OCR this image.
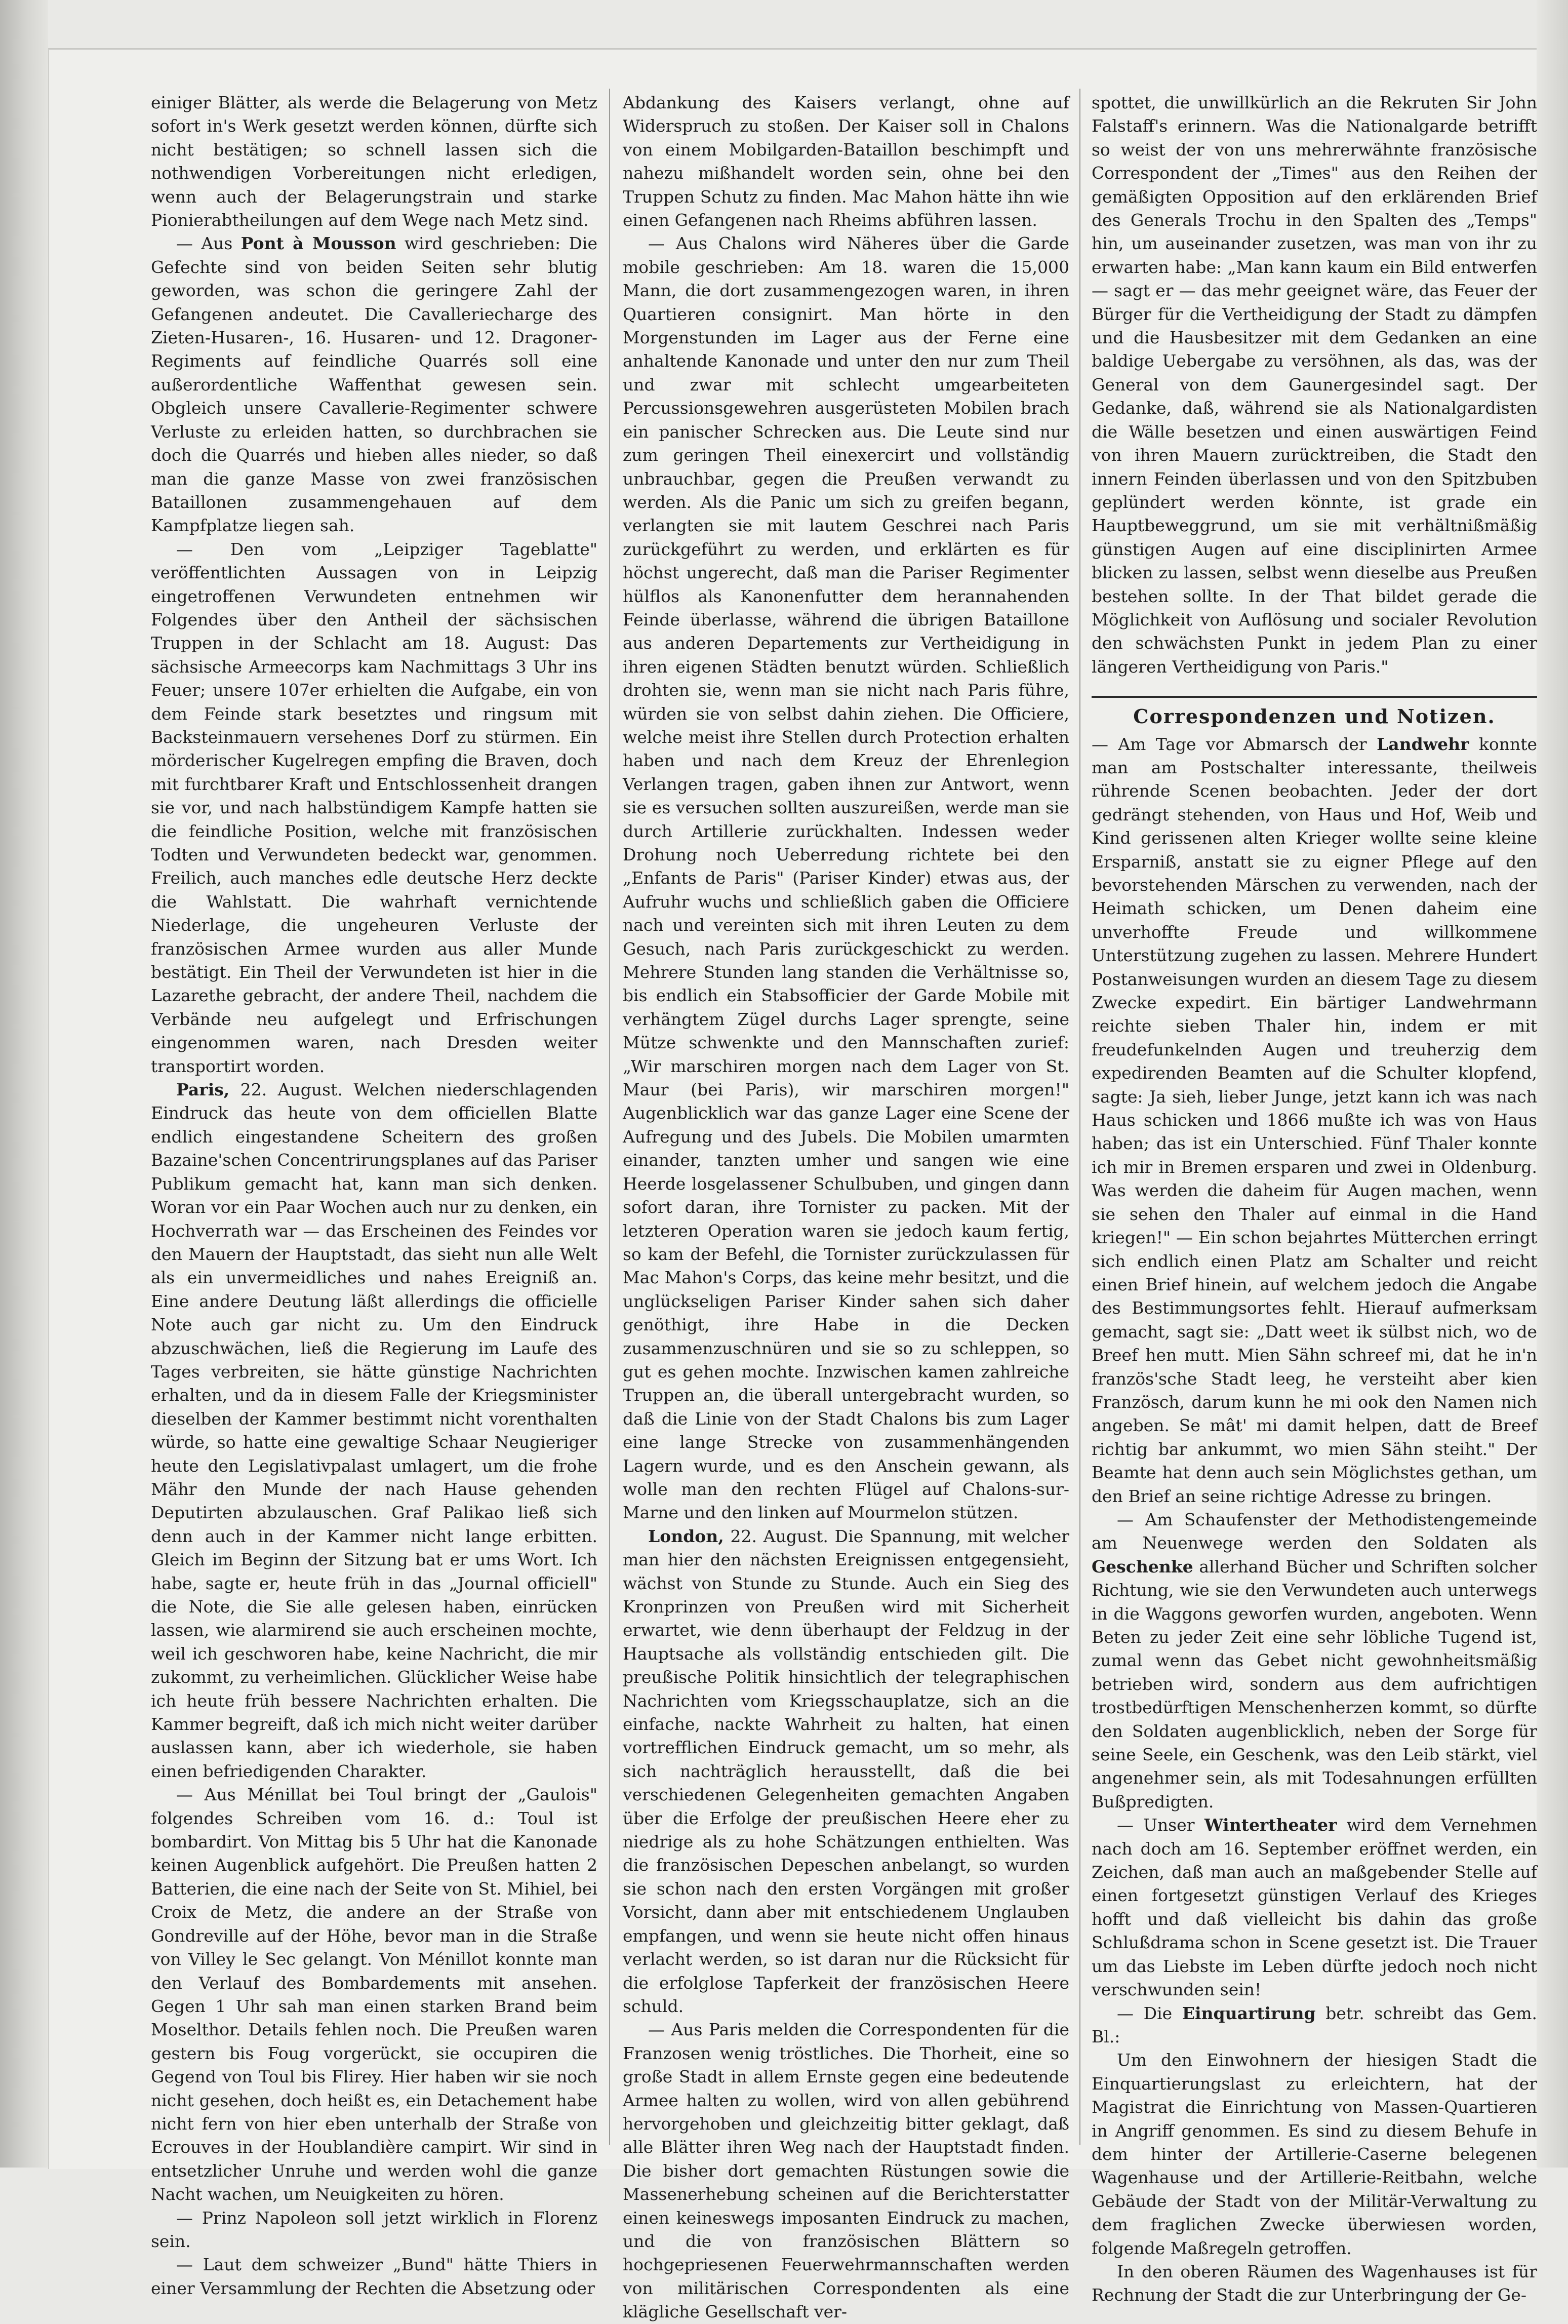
einiger Blätter, als werde die Belagerung von Metz sofort in's Werk gesetzt werden können, dürfte sich nicht bestätigen; so schnell lassen sich die nothwendigen Vorbereitungen nicht erledigen, wenn auch der Belagerungstrain und starke Pionierabtheilungen auf dem Wege nach Metz sind.

— Aus Pont à Mousson wird geschrieben: Die Gefechte sind von beiden Seiten sehr blutig geworden, was schon die geringere Zahl der Gefangenen andeutet. Die Cavalleriecharge des Zieten-Husaren-, 16. Husaren- und 12. Dragoner-Regiments auf feindliche Quarrés soll eine außerordentliche Waffenthat gewesen sein. Obgleich unsere Cavallerie-Regimenter schwere Verluste zu erleiden hatten, so durchbrachen sie doch die Quarrés und hieben alles nieder, so daß man die ganze Masse von zwei französischen Bataillonen zusammengehauen auf dem Kampfplatze liegen sah.

— Den vom „Leipziger Tageblatte" veröffentlichten Aussagen von in Leipzig eingetroffenen Verwundeten entnehmen wir Folgendes über den Antheil der sächsischen Truppen in der Schlacht am 18. August: Das sächsische Armeecorps kam Nachmittags 3 Uhr ins Feuer; unsere 107er erhielten die Aufgabe, ein von dem Feinde stark besetztes und ringsum mit Backsteinmauern versehenes Dorf zu stürmen. Ein mörderischer Kugelregen empfing die Braven, doch mit furchtbarer Kraft und Entschlossenheit drangen sie vor, und nach halbstündigem Kampfe hatten sie die feindliche Position, welche mit französischen Todten und Verwundeten bedeckt war, genommen. Freilich, auch manches edle deutsche Herz deckte die Wahlstatt. Die wahrhaft vernichtende Niederlage, die ungeheuren Verluste der französischen Armee wurden aus aller Munde bestätigt. Ein Theil der Verwundeten ist hier in die Lazarethe gebracht, der andere Theil, nachdem die Verbände neu aufgelegt und Erfrischungen eingenommen waren, nach Dresden weiter transportirt worden.

Paris, 22. August. Welchen niederschlagenden Eindruck das heute von dem officiellen Blatte endlich eingestandene Scheitern des großen Bazaine'schen Concentrirungsplanes auf das Pariser Publikum gemacht hat, kann man sich denken. Woran vor ein Paar Wochen auch nur zu denken, ein Hochverrath war — das Erscheinen des Feindes vor den Mauern der Hauptstadt, das sieht nun alle Welt als ein unvermeidliches und nahes Ereigniß an. Eine andere Deutung läßt allerdings die officielle Note auch gar nicht zu. Um den Eindruck abzuschwächen, ließ die Regierung im Laufe des Tages verbreiten, sie hätte günstige Nachrichten erhalten, und da in diesem Falle der Kriegsminister dieselben der Kammer bestimmt nicht vorenthalten würde, so hatte eine gewaltige Schaar Neugieriger heute den Legislativpalast umlagert, um die frohe Mähr den Munde der nach Hause gehenden Deputirten abzulauschen. Graf Palikao ließ sich denn auch in der Kammer nicht lange erbitten. Gleich im Beginn der Sitzung bat er ums Wort. Ich habe, sagte er, heute früh in das „Journal officiell" die Note, die Sie alle gelesen haben, einrücken lassen, wie alarmirend sie auch erscheinen mochte, weil ich geschworen habe, keine Nachricht, die mir zukommt, zu verheimlichen. Glücklicher Weise habe ich heute früh bessere Nachrichten erhalten. Die Kammer begreift, daß ich mich nicht weiter darüber auslassen kann, aber ich wiederhole, sie haben einen befriedigenden Charakter.

— Aus Ménillat bei Toul bringt der „Gaulois" folgendes Schreiben vom 16. d.: Toul ist bombardirt. Von Mittag bis 5 Uhr hat die Kanonade keinen Augenblick aufgehört. Die Preußen hatten 2 Batterien, die eine nach der Seite von St. Mihiel, bei Croix de Metz, die andere an der Straße von Gondreville auf der Höhe, bevor man in die Straße von Villey le Sec gelangt. Von Ménillot konnte man den Verlauf des Bombardements mit ansehen. Gegen 1 Uhr sah man einen starken Brand beim Moselthor. Details fehlen noch. Die Preußen waren gestern bis Foug vorgerückt, sie occupiren die Gegend von Toul bis Flirey. Hier haben wir sie noch nicht gesehen, doch heißt es, ein Detachement habe nicht fern von hier eben unterhalb der Straße von Ecrouves in der Houblandière campirt. Wir sind in entsetzlicher Unruhe und werden wohl die ganze Nacht wachen, um Neuigkeiten zu hören.

— Prinz Napoleon soll jetzt wirklich in Florenz sein.

— Laut dem schweizer „Bund" hätte Thiers in einer Versammlung der Rechten die Absetzung oder

Abdankung des Kaisers verlangt, ohne auf Widerspruch zu stoßen. Der Kaiser soll in Chalons von einem Mobilgarden-Bataillon beschimpft und nahezu mißhandelt worden sein, ohne bei den Truppen Schutz zu finden. Mac Mahon hätte ihn wie einen Gefangenen nach Rheims abführen lassen.

— Aus Chalons wird Näheres über die Garde mobile geschrieben: Am 18. waren die 15,000 Mann, die dort zusammengezogen waren, in ihren Quartieren consignirt. Man hörte in den Morgenstunden im Lager aus der Ferne eine anhaltende Kanonade und unter den nur zum Theil und zwar mit schlecht umgearbeiteten Percussionsgewehren ausgerüsteten Mobilen brach ein panischer Schrecken aus. Die Leute sind nur zum geringen Theil einexercirt und vollständig unbrauchbar, gegen die Preußen verwandt zu werden. Als die Panic um sich zu greifen begann, verlangten sie mit lautem Geschrei nach Paris zurückgeführt zu werden, und erklärten es für höchst ungerecht, daß man die Pariser Regimenter hülflos als Kanonenfutter dem herannahenden Feinde überlasse, während die übrigen Bataillone aus anderen Departements zur Vertheidigung in ihren eigenen Städten benutzt würden. Schließlich drohten sie, wenn man sie nicht nach Paris führe, würden sie von selbst dahin ziehen. Die Officiere, welche meist ihre Stellen durch Protection erhalten haben und nach dem Kreuz der Ehrenlegion Verlangen tragen, gaben ihnen zur Antwort, wenn sie es versuchen sollten auszureißen, werde man sie durch Artillerie zurückhalten. Indessen weder Drohung noch Ueberredung richtete bei den „Enfants de Paris" (Pariser Kinder) etwas aus, der Aufruhr wuchs und schließlich gaben die Officiere nach und vereinten sich mit ihren Leuten zu dem Gesuch, nach Paris zurückgeschickt zu werden. Mehrere Stunden lang standen die Verhältnisse so, bis endlich ein Stabsofficier der Garde Mobile mit verhängtem Zügel durchs Lager sprengte, seine Mütze schwenkte und den Mannschaften zurief: „Wir marschiren morgen nach dem Lager von St. Maur (bei Paris), wir marschiren morgen!" Augenblicklich war das ganze Lager eine Scene der Aufregung und des Jubels. Die Mobilen umarmten einander, tanzten umher und sangen wie eine Heerde losgelassener Schulbuben, und gingen dann sofort daran, ihre Tornister zu packen. Mit der letzteren Operation waren sie jedoch kaum fertig, so kam der Befehl, die Tornister zurückzulassen für Mac Mahon's Corps, das keine mehr besitzt, und die unglückseligen Pariser Kinder sahen sich daher genöthigt, ihre Habe in die Decken zusammenzuschnüren und sie so zu schleppen, so gut es gehen mochte. Inzwischen kamen zahlreiche Truppen an, die überall untergebracht wurden, so daß die Linie von der Stadt Chalons bis zum Lager eine lange Strecke von zusammenhängenden Lagern wurde, und es den Anschein gewann, als wolle man den rechten Flügel auf Chalons-sur-Marne und den linken auf Mourmelon stützen.

London, 22. August. Die Spannung, mit welcher man hier den nächsten Ereignissen entgegensieht, wächst von Stunde zu Stunde. Auch ein Sieg des Kronprinzen von Preußen wird mit Sicherheit erwartet, wie denn überhaupt der Feldzug in der Hauptsache als vollständig entschieden gilt. Die preußische Politik hinsichtlich der telegraphischen Nachrichten vom Kriegsschauplatze, sich an die einfache, nackte Wahrheit zu halten, hat einen vortrefflichen Eindruck gemacht, um so mehr, als sich nachträglich herausstellt, daß die bei verschiedenen Gelegenheiten gemachten Angaben über die Erfolge der preußischen Heere eher zu niedrige als zu hohe Schätzungen enthielten. Was die französischen Depeschen anbelangt, so wurden sie schon nach den ersten Vorgängen mit großer Vorsicht, dann aber mit entschiedenem Unglauben empfangen, und wenn sie heute nicht offen hinaus verlacht werden, so ist daran nur die Rücksicht für die erfolglose Tapferkeit der französischen Heere schuld.

— Aus Paris melden die Correspondenten für die Franzosen wenig tröstliches. Die Thorheit, eine so große Stadt in allem Ernste gegen eine bedeutende Armee halten zu wollen, wird von allen gebührend hervorgehoben und gleichzeitig bitter geklagt, daß alle Blätter ihren Weg nach der Hauptstadt finden. Die bisher dort gemachten Rüstungen sowie die Massenerhebung scheinen auf die Berichterstatter einen keineswegs imposanten Eindruck zu machen, und die von französischen Blättern so hochgepriesenen Feuerwehrmannschaften werden von militärischen Correspondenten als eine klägliche Gesellschaft ver-

spottet, die unwillkürlich an die Rekruten Sir John Falstaff's erinnern. Was die Nationalgarde betrifft so weist der von uns mehrerwähnte französische Correspondent der „Times" aus den Reihen der gemäßigten Opposition auf den erklärenden Brief des Generals Trochu in den Spalten des „Temps" hin, um auseinander zusetzen, was man von ihr zu erwarten habe: „Man kann kaum ein Bild entwerfen — sagt er — das mehr geeignet wäre, das Feuer der Bürger für die Vertheidigung der Stadt zu dämpfen und die Hausbesitzer mit dem Gedanken an eine baldige Uebergabe zu versöhnen, als das, was der General von dem Gaunergesindel sagt. Der Gedanke, daß, während sie als Nationalgardisten die Wälle besetzen und einen auswärtigen Feind von ihren Mauern zurücktreiben, die Stadt den innern Feinden überlassen und von den Spitzbuben geplündert werden könnte, ist grade ein Hauptbeweggrund, um sie mit verhältnißmäßig günstigen Augen auf eine disciplinirten Armee blicken zu lassen, selbst wenn dieselbe aus Preußen bestehen sollte. In der That bildet gerade die Möglichkeit von Auflösung und socialer Revolution den schwächsten Punkt in jedem Plan zu einer längeren Vertheidigung von Paris."

Correspondenzen und Notizen.

— Am Tage vor Abmarsch der Landwehr konnte man am Postschalter interessante, theilweis rührende Scenen beobachten. Jeder der dort gedrängt stehenden, von Haus und Hof, Weib und Kind gerissenen alten Krieger wollte seine kleine Ersparniß, anstatt sie zu eigner Pflege auf den bevorstehenden Märschen zu verwenden, nach der Heimath schicken, um Denen daheim eine unverhoffte Freude und willkommene Unterstützung zugehen zu lassen. Mehrere Hundert Postanweisungen wurden an diesem Tage zu diesem Zwecke expedirt. Ein bärtiger Landwehrmann reichte sieben Thaler hin, indem er mit freudefunkelnden Augen und treuherzig dem expedirenden Beamten auf die Schulter klopfend, sagte: Ja sieh, lieber Junge, jetzt kann ich was nach Haus schicken und 1866 mußte ich was von Haus haben; das ist ein Unterschied. Fünf Thaler konnte ich mir in Bremen ersparen und zwei in Oldenburg. Was werden die daheim für Augen machen, wenn sie sehen den Thaler auf einmal in die Hand kriegen!" — Ein schon bejahrtes Mütterchen erringt sich endlich einen Platz am Schalter und reicht einen Brief hinein, auf welchem jedoch die Angabe des Bestimmungsortes fehlt. Hierauf aufmerksam gemacht, sagt sie: „Datt weet ik sülbst nich, wo de Breef hen mutt. Mien Sähn schreef mi, dat he in'n französ'sche Stadt leeg, he versteiht aber kien Französch, darum kunn he mi ook den Namen nich angeben. Se mât' mi damit helpen, datt de Breef richtig bar ankummt, wo mien Sähn steiht." Der Beamte hat denn auch sein Möglichstes gethan, um den Brief an seine richtige Adresse zu bringen.

— Am Schaufenster der Methodistengemeinde am Neuenwege werden den Soldaten als Geschenke allerhand Bücher und Schriften solcher Richtung, wie sie den Verwundeten auch unterwegs in die Waggons geworfen wurden, angeboten. Wenn Beten zu jeder Zeit eine sehr löbliche Tugend ist, zumal wenn das Gebet nicht gewohnheitsmäßig betrieben wird, sondern aus dem aufrichtigen trostbedürftigen Menschenherzen kommt, so dürfte den Soldaten augenblicklich, neben der Sorge für seine Seele, ein Geschenk, was den Leib stärkt, viel angenehmer sein, als mit Todesahnungen erfüllten Bußpredigten.

— Unser Wintertheater wird dem Vernehmen nach doch am 16. September eröffnet werden, ein Zeichen, daß man auch an maßgebender Stelle auf einen fortgesetzt günstigen Verlauf des Krieges hofft und daß vielleicht bis dahin das große Schlußdrama schon in Scene gesetzt ist. Die Trauer um das Liebste im Leben dürfte jedoch noch nicht verschwunden sein!

— Die Einquartirung betr. schreibt das Gem. Bl.:

Um den Einwohnern der hiesigen Stadt die Einquartierungslast zu erleichtern, hat der Magistrat die Einrichtung von Massen-Quartieren in Angriff genommen. Es sind zu diesem Behufe in dem hinter der Artillerie-Caserne belegenen Wagenhause und der Artillerie-Reitbahn, welche Gebäude der Stadt von der Militär-Verwaltung zu dem fraglichen Zwecke überwiesen worden, folgende Maßregeln getroffen.

In den oberen Räumen des Wagenhauses ist für Rechnung der Stadt die zur Unterbringung der Ge-
